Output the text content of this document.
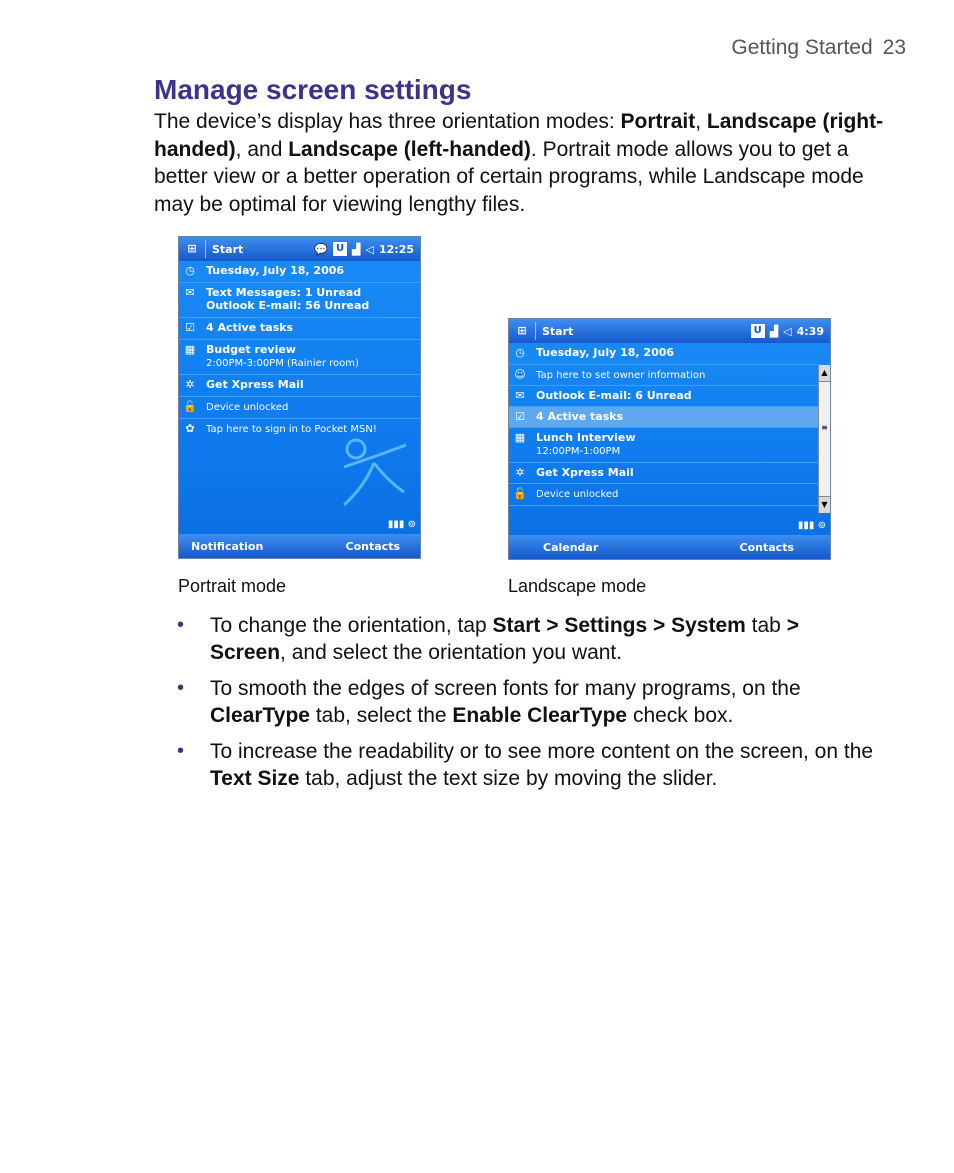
Getting Started 23
Manage screen settings

The device’s display has three orientation modes: Portrait, Landscape (right-handed), and Landscape (left-handed). Portrait mode allows you to get a better view or a better operation of certain programs, while Landscape mode may be optimal for viewing lengthy files.

⊞	Start	💬 U ▟ ◁ 12:25
◷ Tuesday, July 18, 2006
✉	Text Messages: 1 Unread
Outlook E-mail: 56 Unread
☑ 4 Active tasks
▦ Budget review
2:00PM-3:00PM (Rainier room)
✲	Get Xpress Mail
🔓 Device unlocked
✿	Tap here to sign in to Pocket MSN!
▮▮▮ ⊚
Notification	Contacts
⊞	Start	U ▟ ◁ 4:39
◷ Tuesday, July 18, 2006
☺ Tap here to set owner information
✉	Outlook E-mail: 6 Unread
☑ 4 Active tasks
▦ Lunch Interview
12:00PM-1:00PM
✲	Get Xpress Mail
🔓 Device unlocked
▲
≡
▼
▮▮▮ ⊚
Calendar	Contacts
Portrait mode	Landscape mode
• To change the orientation, tap Start > Settings > System tab > Screen, and select the orientation you want.
• To smooth the edges of screen fonts for many programs, on the ClearType tab, select the Enable ClearType check box.
• To increase the readability or to see more content on the screen, on the Text Size tab, adjust the text size by moving the slider.
